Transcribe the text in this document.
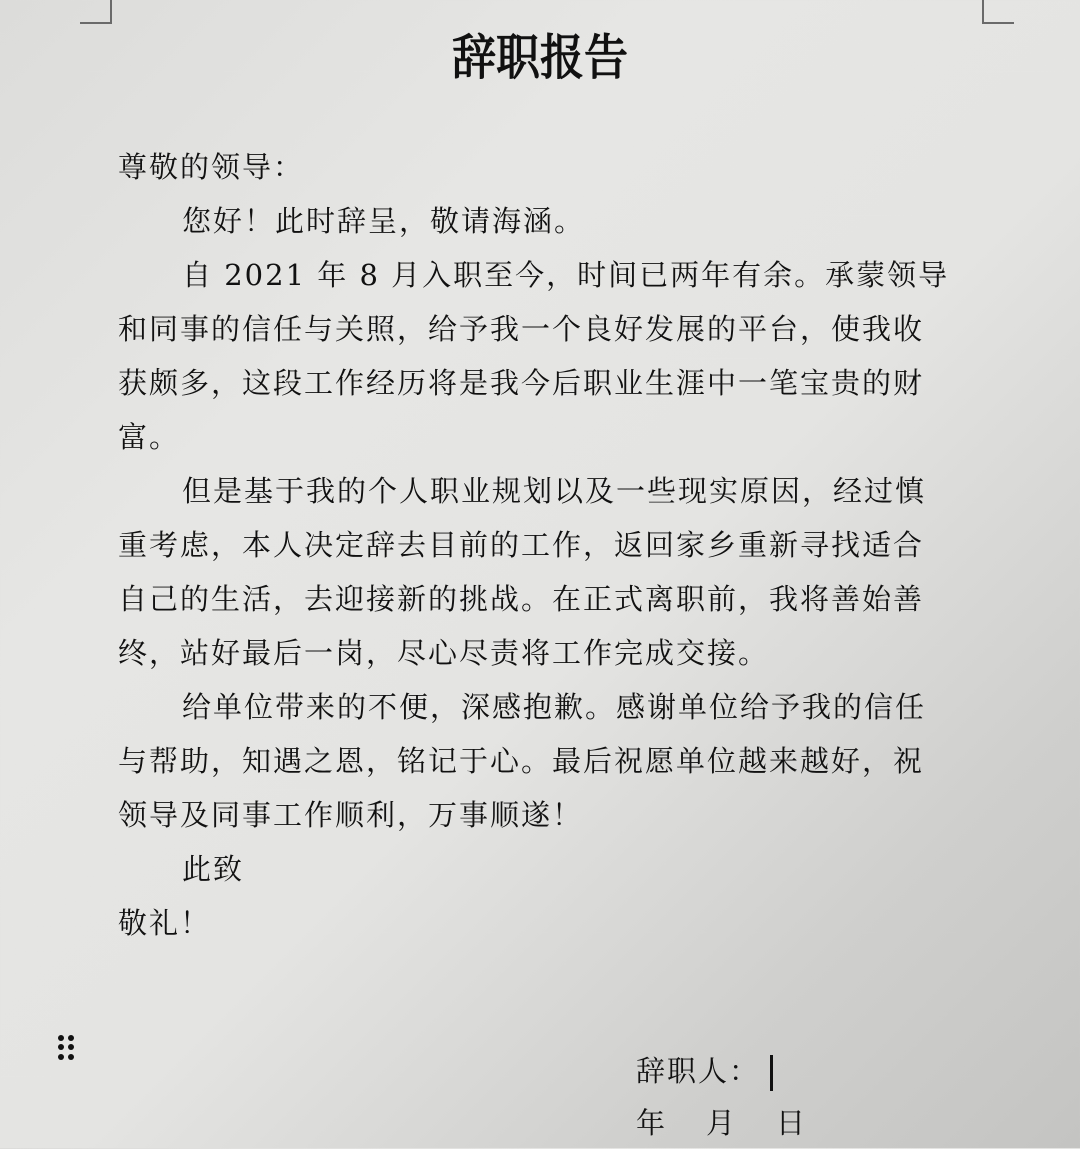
辞职报告
尊敬的领导：
您好！此时辞呈，敬请海涵。
自 2021 年 8 月入职至今，时间已两年有余。承蒙领导
和同事的信任与关照，给予我一个良好发展的平台，使我收
获颇多，这段工作经历将是我今后职业生涯中一笔宝贵的财
富。
但是基于我的个人职业规划以及一些现实原因，经过慎
重考虑，本人决定辞去目前的工作，返回家乡重新寻找适合
自己的生活，去迎接新的挑战。在正式离职前，我将善始善
终，站好最后一岗，尽心尽责将工作完成交接。
给单位带来的不便，深感抱歉。感谢单位给予我的信任
与帮助，知遇之恩，铭记于心。最后祝愿单位越来越好，祝
领导及同事工作顺利，万事顺遂！
此致
敬礼！
辞职人：
年 月 日
